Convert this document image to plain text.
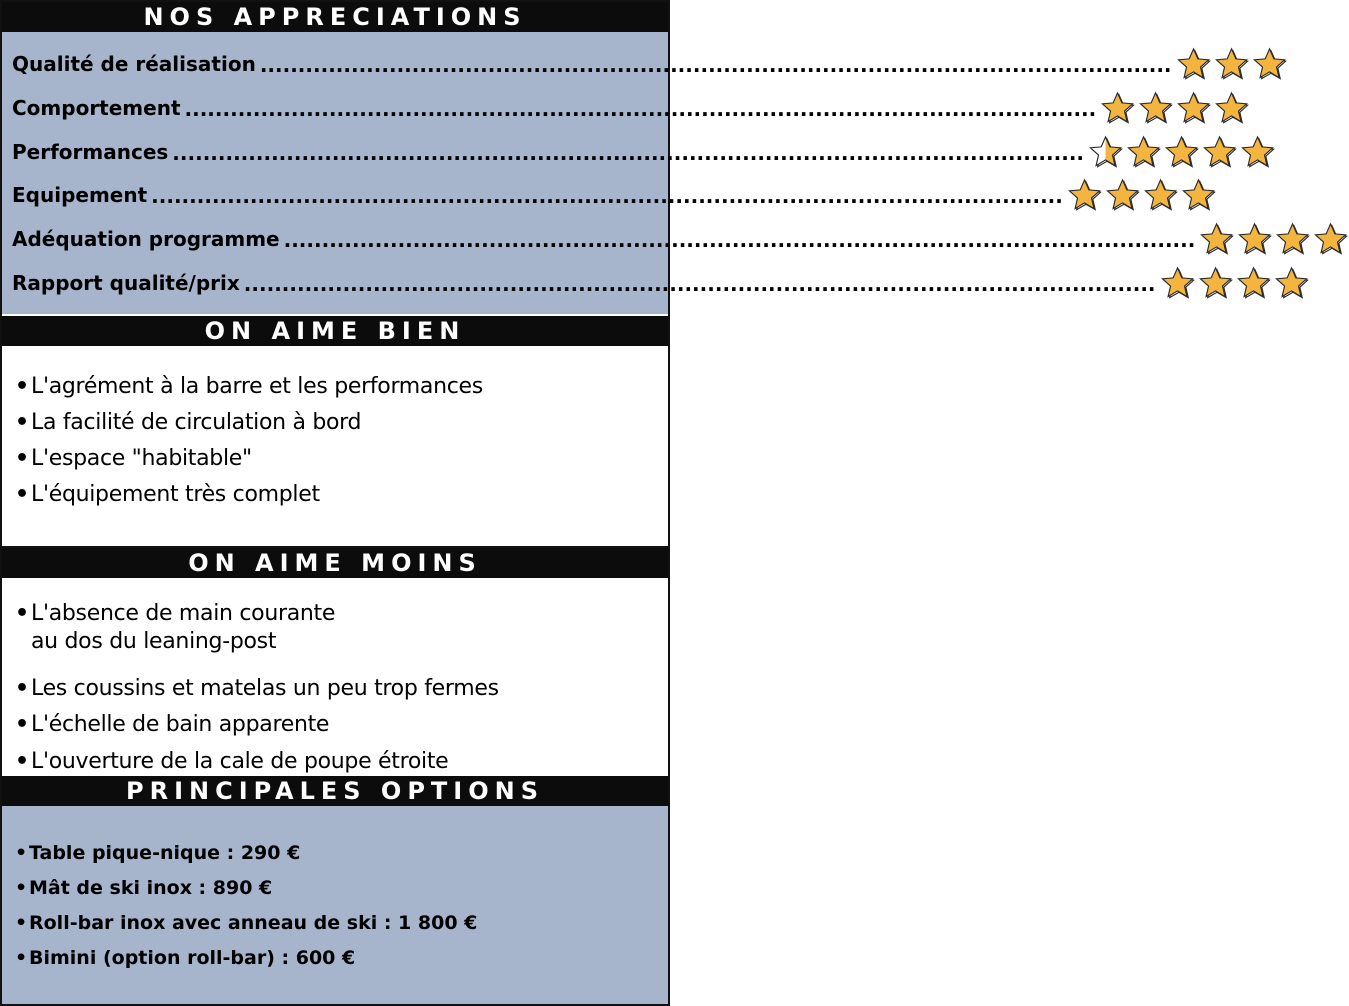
NOS APPRECIATIONS
Qualité de réalisation ........................................................................................................................
Comportement ........................................................................................................................
Performances ........................................................................................................................
Equipement ........................................................................................................................
Adéquation programme ........................................................................................................................
Rapport qualité/prix ........................................................................................................................
ON AIME BIEN
• L'agrément à la barre et les performances
• La facilité de circulation à bord
• L'espace "habitable"
• L'équipement très complet
ON AIME MOINS
• L'absence de main courante
au dos du leaning-post
• Les coussins et matelas un peu trop fermes
• L'échelle de bain apparente
• L'ouverture de la cale de poupe étroite
PRINCIPALES OPTIONS
•Table pique-nique : 290 €
•Mât de ski inox : 890 €
•Roll-bar inox avec anneau de ski : 1 800 €
•Bimini (option roll-bar) : 600 €
